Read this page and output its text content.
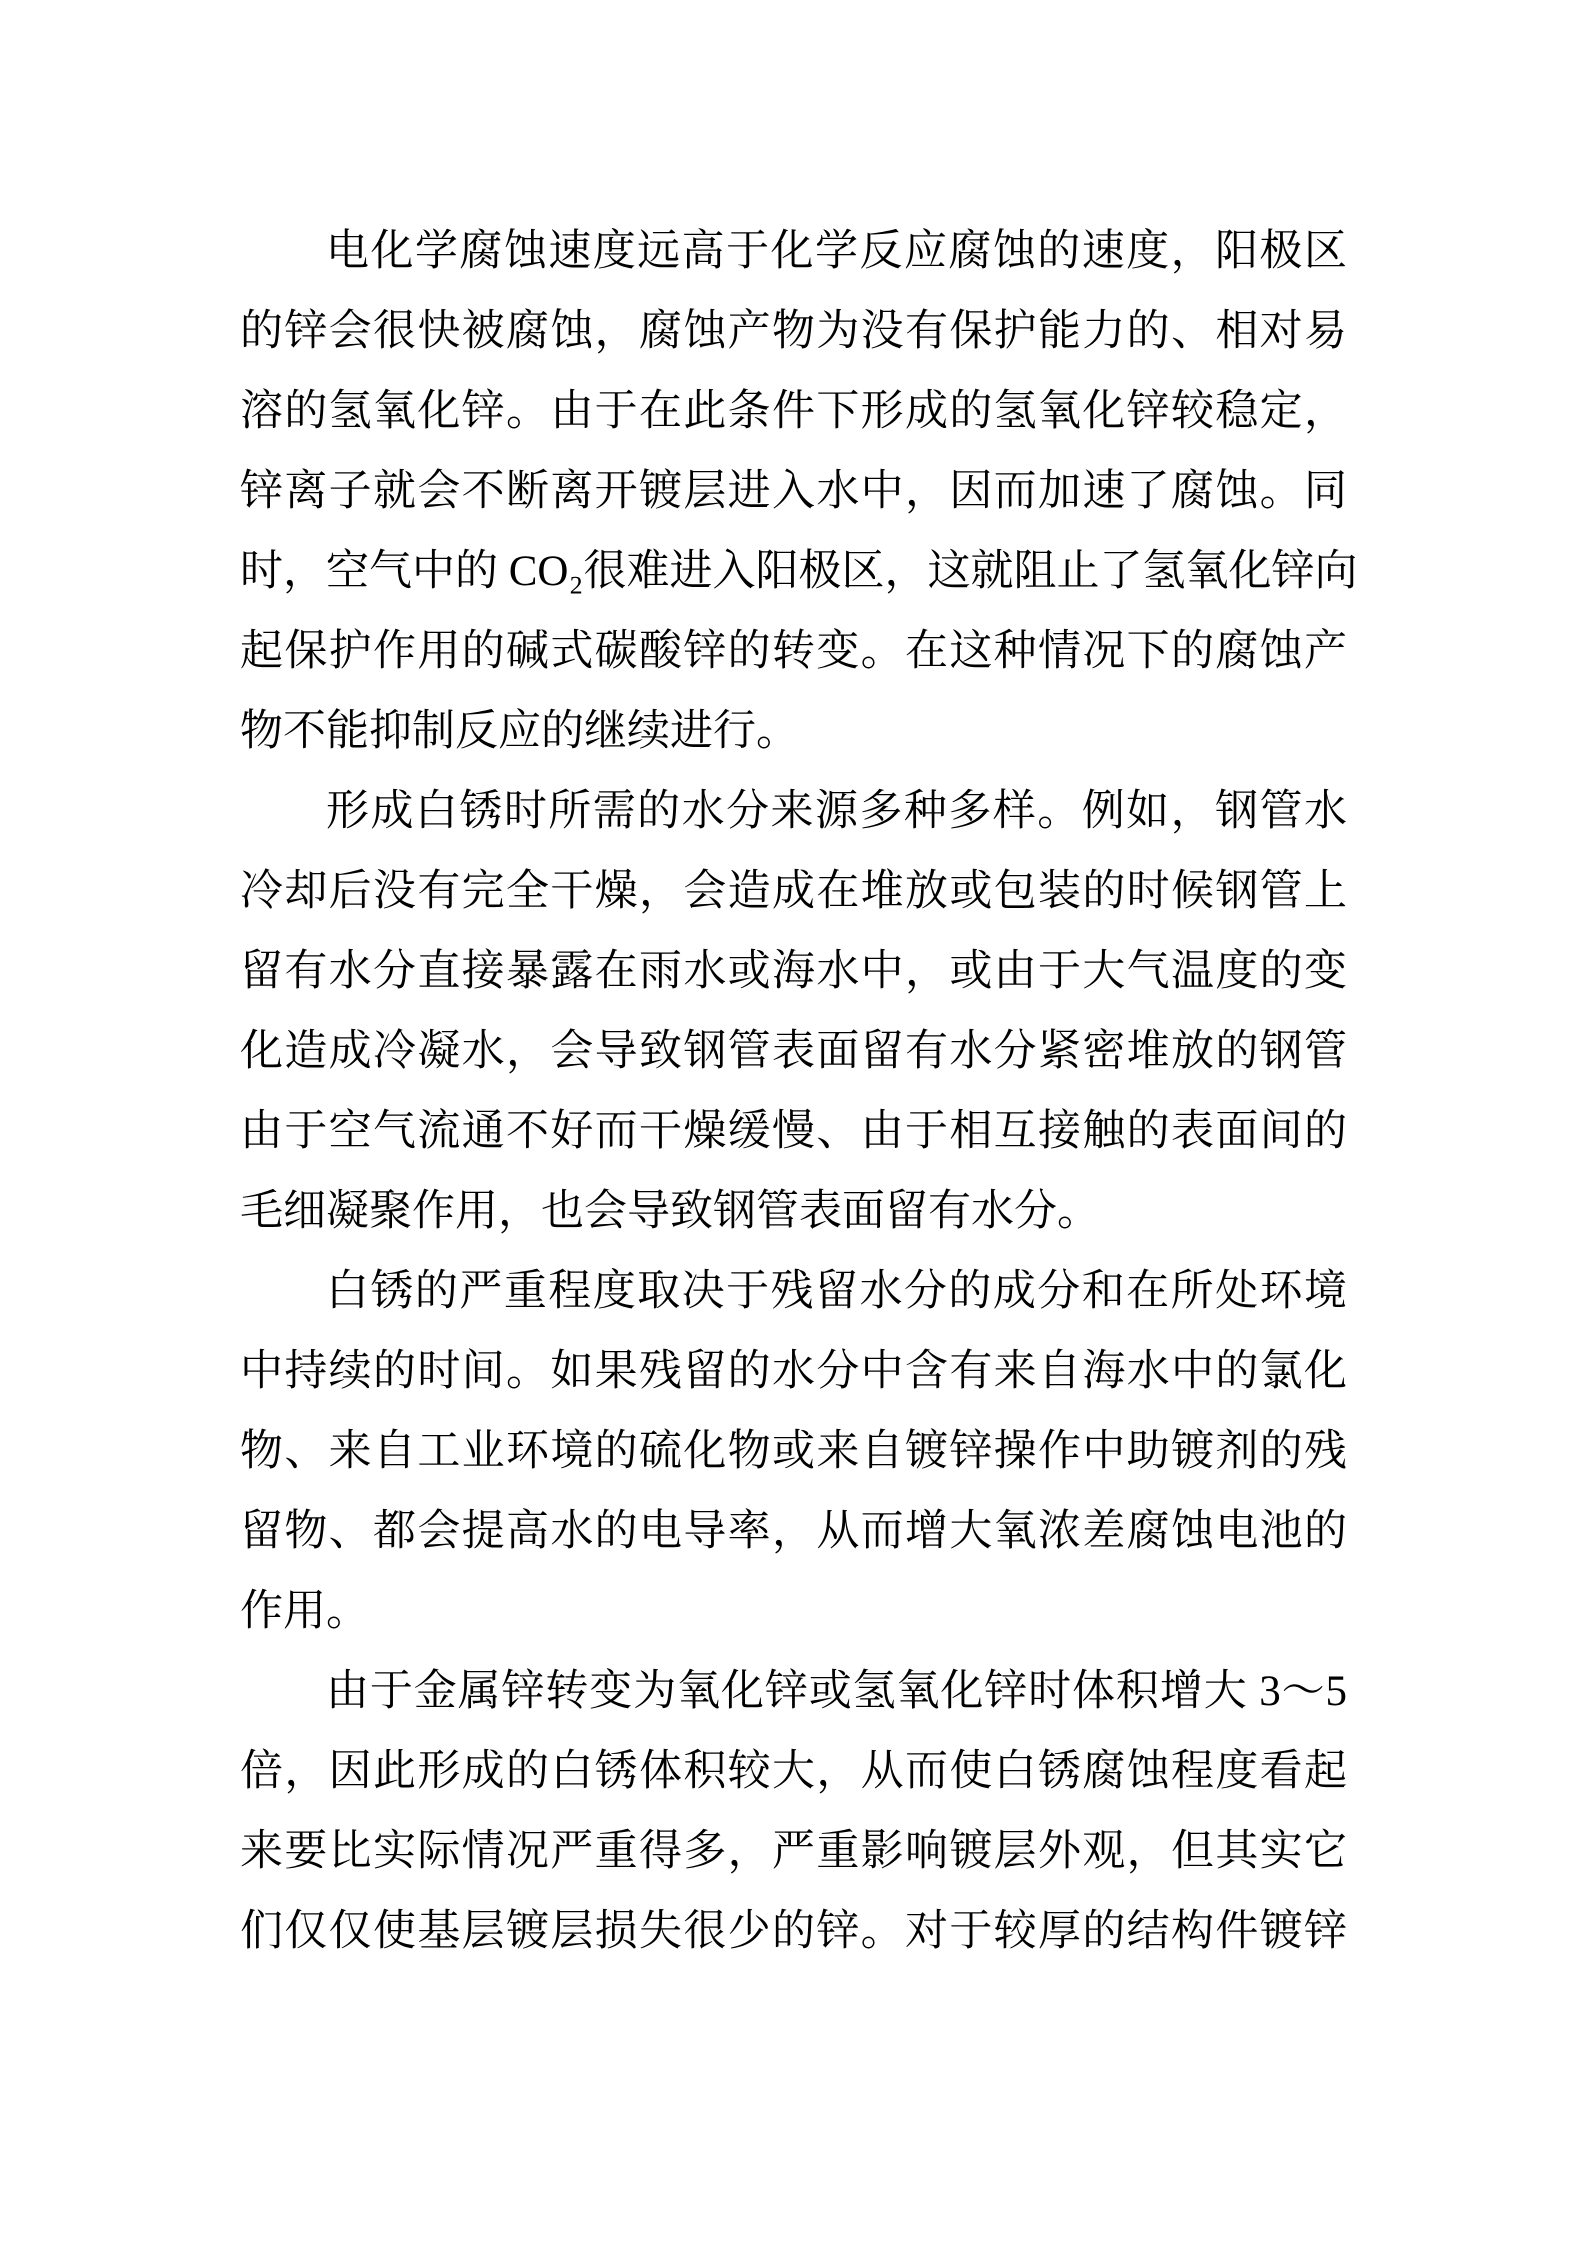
电化学腐蚀速度远高于化学反应腐蚀的速度，阳极区
的锌会很快被腐蚀，腐蚀产物为没有保护能力的、相对易
溶的氢氧化锌。由于在此条件下形成的氢氧化锌较稳定，
锌离子就会不断离开镀层进入水中，因而加速了腐蚀。同
时，空气中的 CO₂很难进入阳极区，这就阻止了氢氧化锌向
起保护作用的碱式碳酸锌的转变。在这种情况下的腐蚀产
物不能抑制反应的继续进行。
形成白锈时所需的水分来源多种多样。例如，钢管水
冷却后没有完全干燥，会造成在堆放或包装的时候钢管上
留有水分直接暴露在雨水或海水中，或由于大气温度的变
化造成冷凝水，会导致钢管表面留有水分紧密堆放的钢管
由于空气流通不好而干燥缓慢、由于相互接触的表面间的
毛细凝聚作用，也会导致钢管表面留有水分。
白锈的严重程度取决于残留水分的成分和在所处环境
中持续的时间。如果残留的水分中含有来自海水中的氯化
物、来自工业环境的硫化物或来自镀锌操作中助镀剂的残
留物、都会提高水的电导率，从而增大氧浓差腐蚀电池的
作用。
由于金属锌转变为氧化锌或氢氧化锌时体积增大 3～5
倍，因此形成的白锈体积较大，从而使白锈腐蚀程度看起
来要比实际情况严重得多，严重影响镀层外观，但其实它
们仅仅使基层镀层损失很少的锌。对于较厚的结构件镀锌
